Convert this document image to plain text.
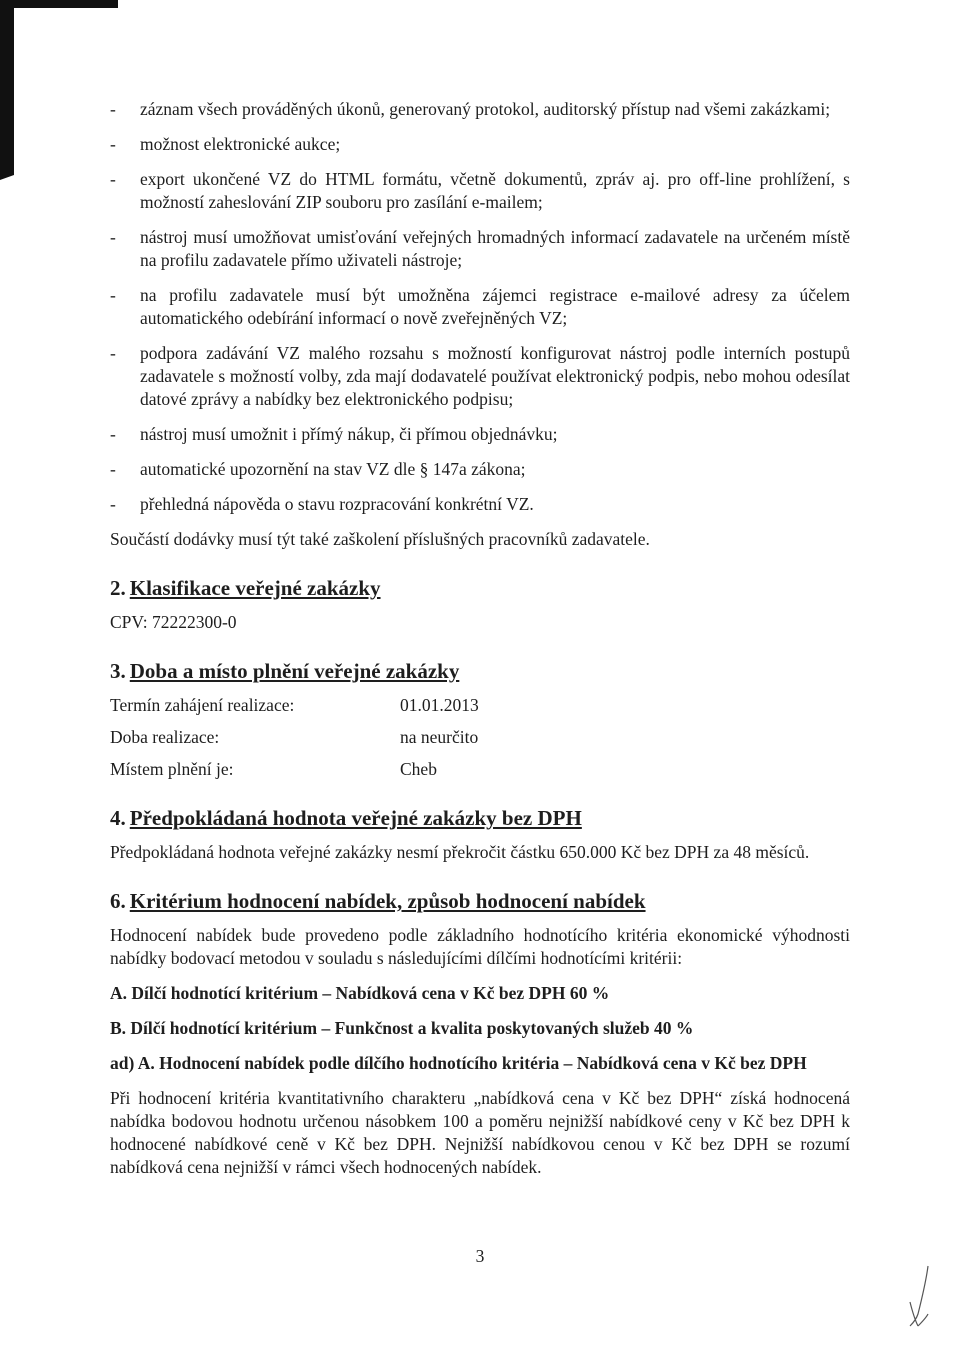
- záznam všech prováděných úkonů, generovaný protokol, auditorský přístup nad všemi zakázkami;
- možnost elektronické aukce;
- export ukončené VZ do HTML formátu, včetně dokumentů, zpráv aj. pro off-line prohlížení, s možností zaheslování ZIP souboru pro zasílání e-mailem;
- nástroj musí umožňovat umisťování veřejných hromadných informací zadavatele na určeném místě na profilu zadavatele přímo uživateli nástroje;
- na profilu zadavatele musí být umožněna zájemci registrace e-mailové adresy za účelem automatického odebírání informací o nově zveřejněných VZ;
- podpora zadávání VZ malého rozsahu s možností konfigurovat nástroj podle interních postupů zadavatele s možností volby, zda mají dodavatelé používat elektronický podpis, nebo mohou odesílat datové zprávy a nabídky bez elektronického podpisu;
- nástroj musí umožnit i přímý nákup, či přímou objednávku;
- automatické upozornění na stav VZ dle § 147a zákona;
- přehledná nápověda o stavu rozpracování konkrétní VZ.

Součástí dodávky musí týt také zaškolení příslušných pracovníků zadavatele.

2. Klasifikace veřejné zakázky

CPV: 72222300-0

3. Doba a místo plnění veřejné zakázky
Termín zahájení realizace:	01.01.2013
Doba realizace:	na neurčito
Místem plnění je:	Cheb
4. Předpokládaná hodnota veřejné zakázky bez DPH

Předpokládaná hodnota veřejné zakázky nesmí překročit částku 650.000 Kč bez DPH za 48 měsíců.

6. Kritérium hodnocení nabídek, způsob hodnocení nabídek

Hodnocení nabídek bude provedeno podle základního hodnotícího kritéria ekonomické výhodnosti nabídky bodovací metodou v souladu s následujícími dílčími hodnotícími kritérii:

A. Dílčí hodnotící kritérium – Nabídková cena v Kč bez DPH 60 %

B. Dílčí hodnotící kritérium – Funkčnost a kvalita poskytovaných služeb 40 %

ad) A. Hodnocení nabídek podle dílčího hodnotícího kritéria – Nabídková cena v Kč bez DPH

Při hodnocení kritéria kvantitativního charakteru „nabídková cena v Kč bez DPH“ získá hodnocená nabídka bodovou hodnotu určenou násobkem 100 a poměru nejnižší nabídkové ceny v Kč bez DPH k hodnocené nabídkové ceně v Kč bez DPH. Nejnižší nabídkovou cenou v Kč bez DPH se rozumí nabídková cena nejnižší v rámci všech hodnocených nabídek.

3
